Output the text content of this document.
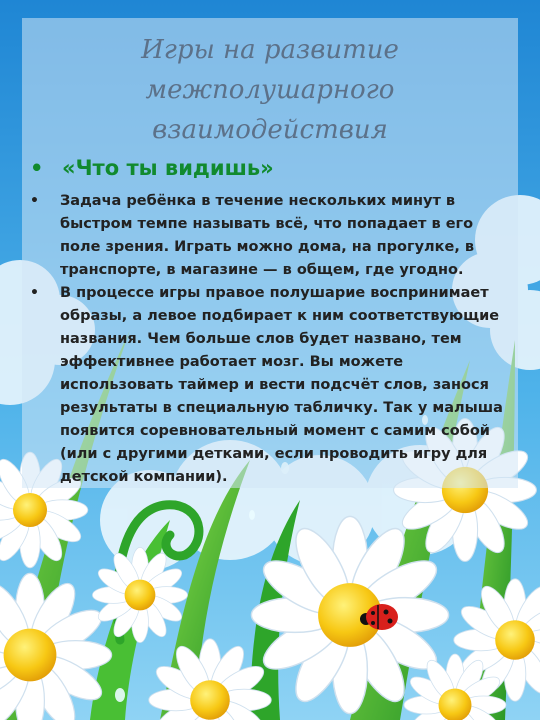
Игры на развитие
межполушарного
взаимодействия
• «Что ты видишь»
• Задача ребёнка в течение нескольких минут в быстром темпе называть всё, что попадает в его поле зрения. Играть можно дома, на прогулке, в транспорте, в магазине — в общем, где угодно.
• В процессе игры правое полушарие воспринимает образы, а левое подбирает к ним соответствующие названия. Чем больше слов будет названо, тем эффективнее работает мозг. Вы можете использовать таймер и вести подсчёт слов, занося результаты в специальную табличку. Так у малыша появится соревновательный момент с самим собой (или с другими детками, если проводить игру для детской компании).
